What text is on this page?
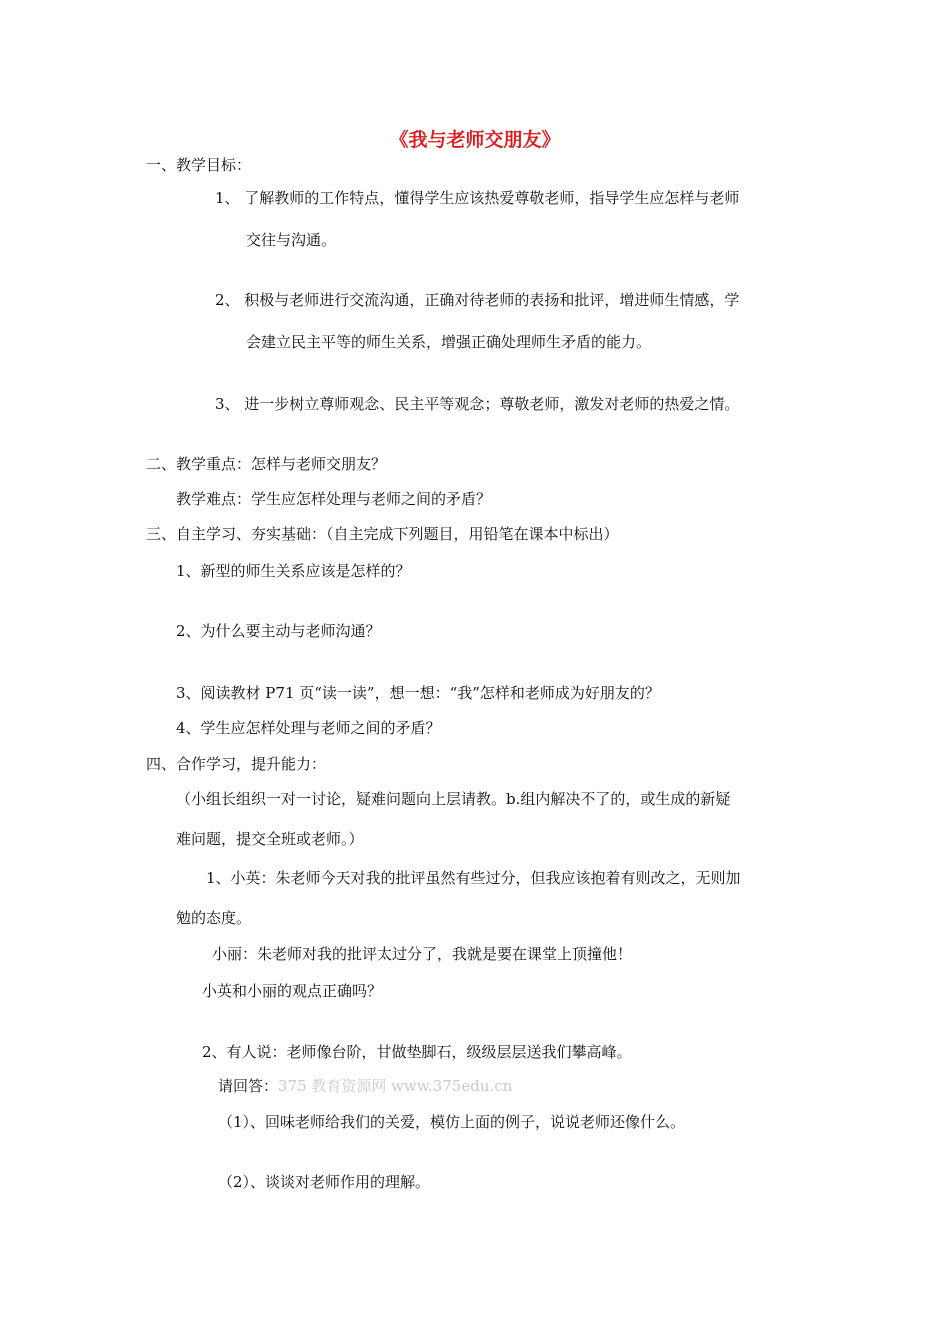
《我与老师交朋友》
一、教学目标：
1、 了解教师的工作特点，懂得学生应该热爱尊敬老师，指导学生应怎样与老师
交往与沟通。
2、 积极与老师进行交流沟通，正确对待老师的表扬和批评，增进师生情感，学
会建立民主平等的师生关系，增强正确处理师生矛盾的能力。
3、 进一步树立尊师观念、民主平等观念；尊敬老师，激发对老师的热爱之情。
二、教学重点：怎样与老师交朋友？
教学难点：学生应怎样处理与老师之间的矛盾？
三、自主学习、夯实基础：（自主完成下列题目，用铅笔在课本中标出）
1、新型的师生关系应该是怎样的？
2、为什么要主动与老师沟通？
3、阅读教材 P71 页“读一读”，想一想：“我”怎样和老师成为好朋友的？
4、学生应怎样处理与老师之间的矛盾？
四、合作学习，提升能力：
（小组长组织一对一讨论，疑难问题向上层请教。b.组内解决不了的，或生成的新疑
难问题，提交全班或老师。）
1、小英：朱老师今天对我的批评虽然有些过分，但我应该抱着有则改之，无则加
勉的态度。
小丽：朱老师对我的批评太过分了，我就是要在课堂上顶撞他！
小英和小丽的观点正确吗？
2、有人说：老师像台阶，甘做垫脚石，级级层层送我们攀高峰。
请回答：375 教育资源网 www.375edu.cn
（1）、回味老师给我们的关爱，模仿上面的例子，说说老师还像什么。
（2）、谈谈对老师作用的理解。
